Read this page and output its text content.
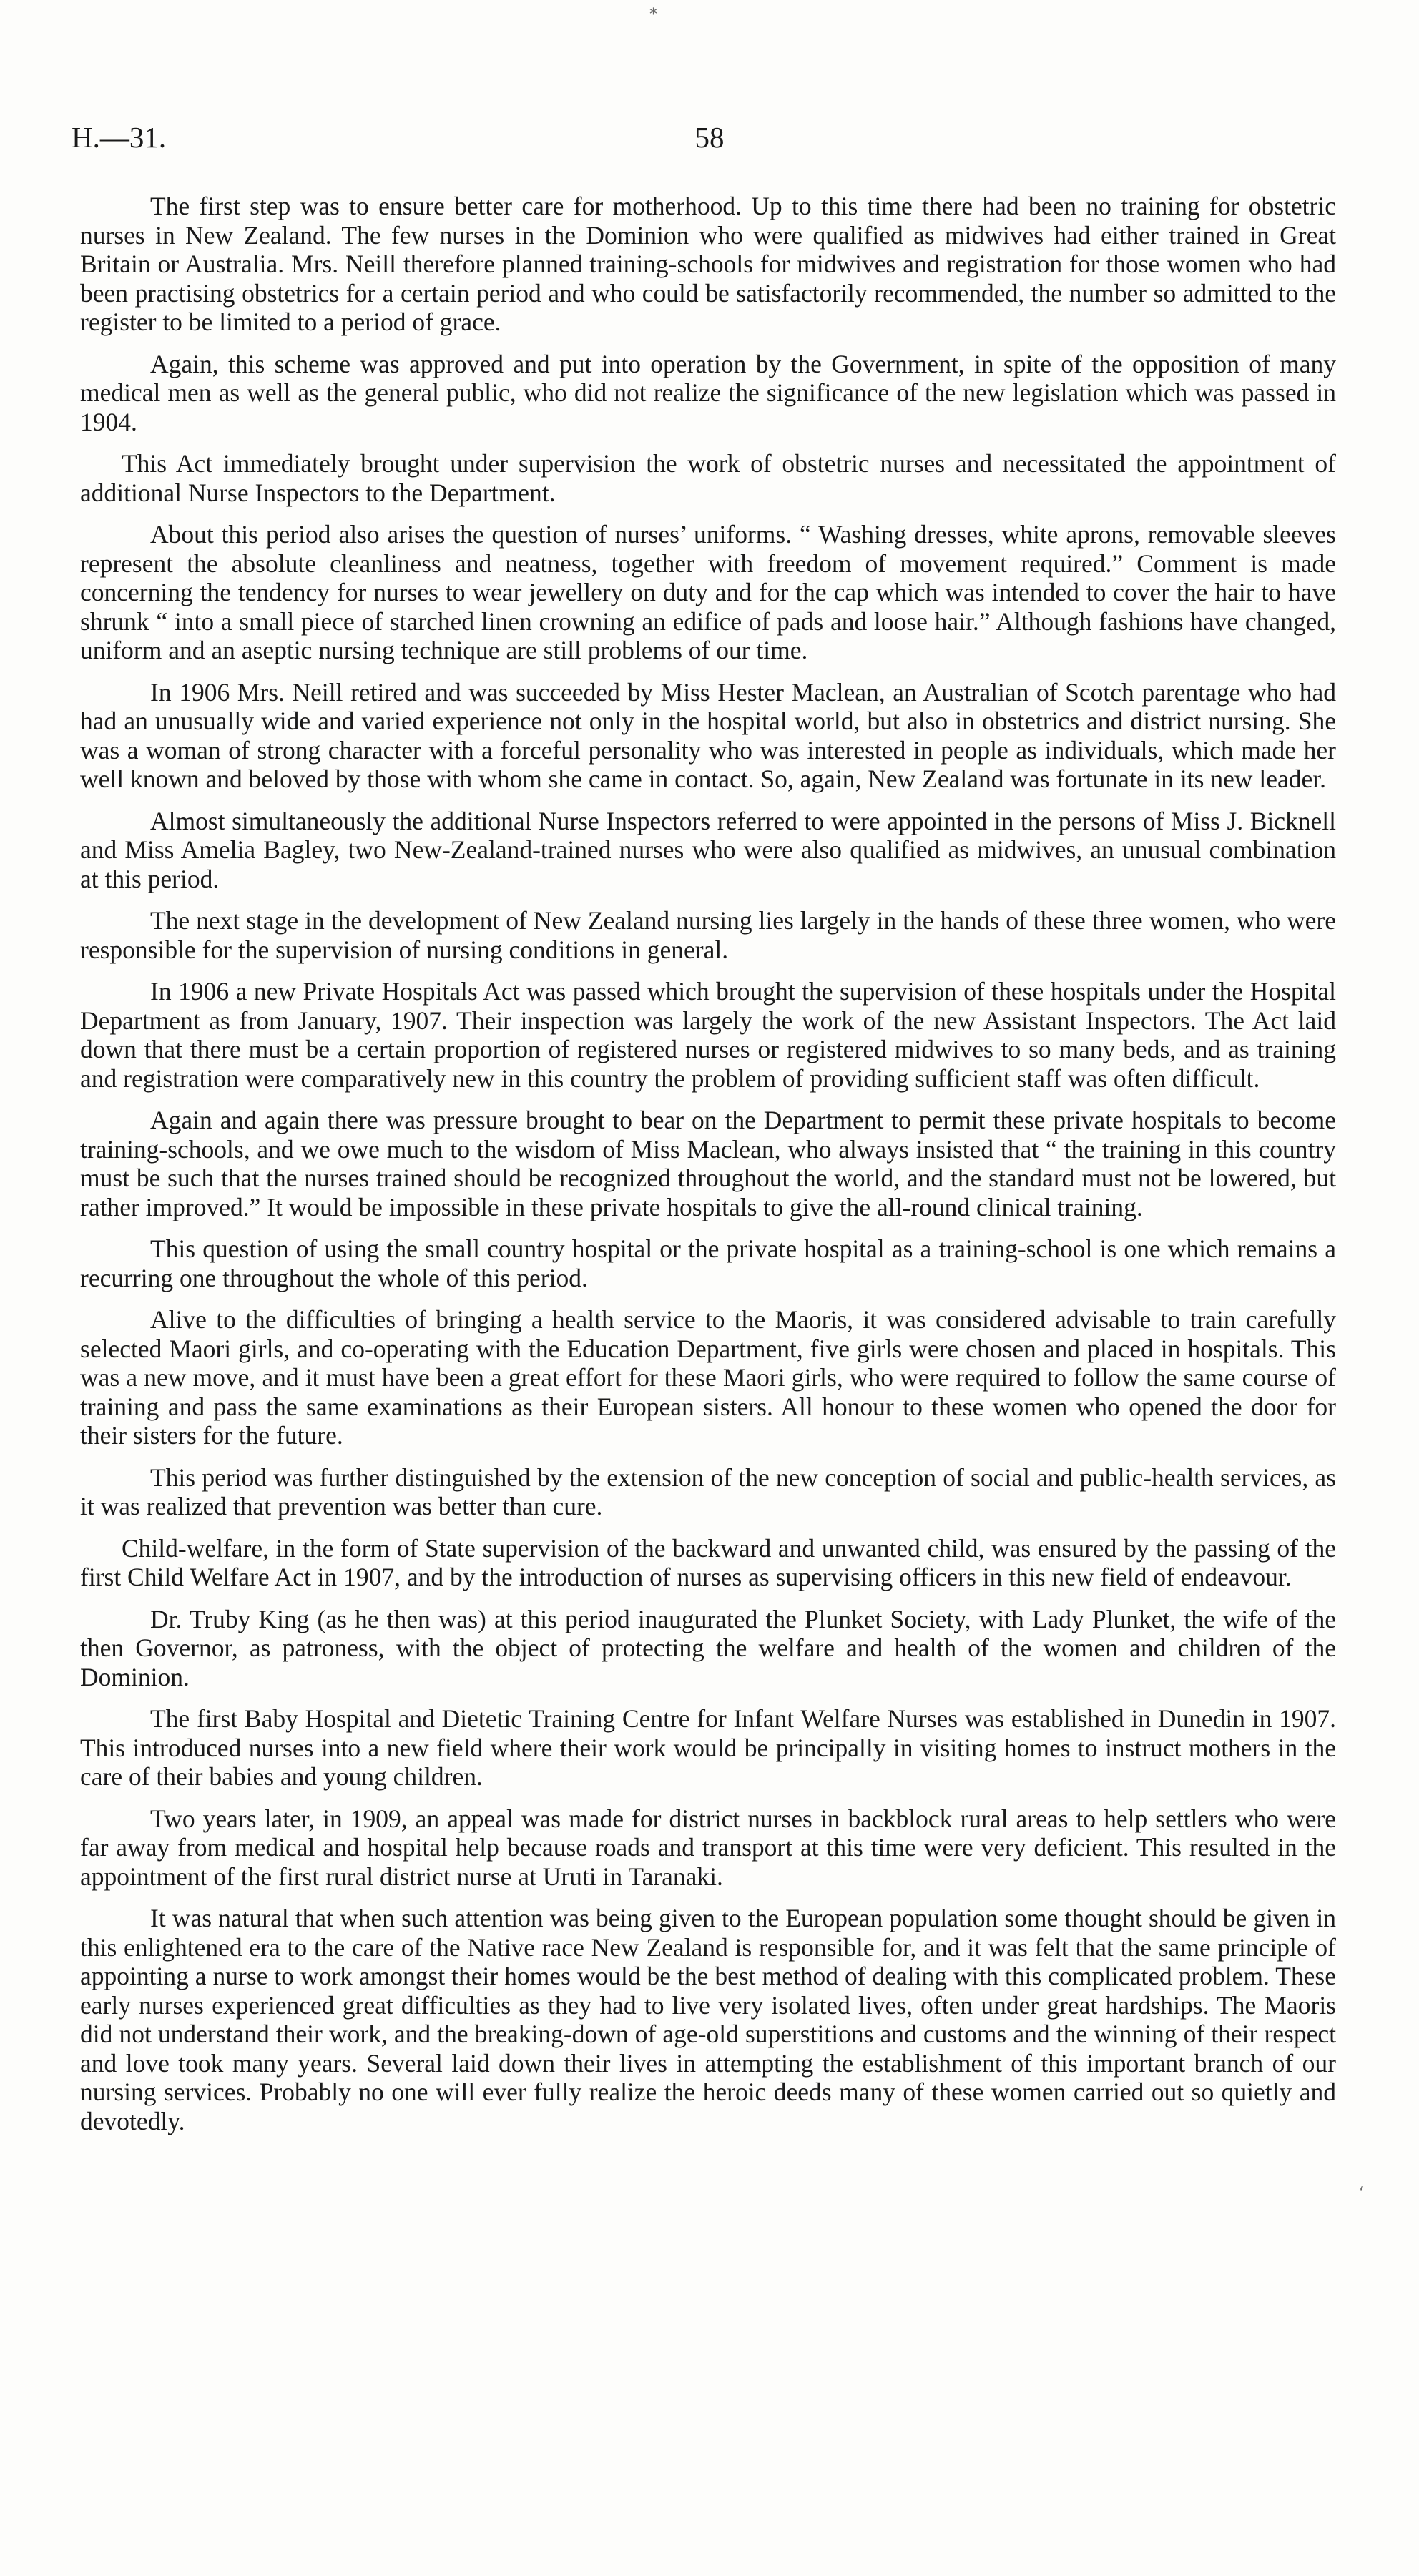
*
H.—31.	58

The first step was to ensure better care for motherhood. Up to this time there had been no training for obstetric nurses in New Zealand. The few nurses in the Dominion who were qualified as midwives had either trained in Great Britain or Australia. Mrs. Neill therefore planned training-schools for midwives and registration for those women who had been practising obstetrics for a certain period and who could be satisfactorily recommended, the number so admitted to the register to be limited to a period of grace.

Again, this scheme was approved and put into operation by the Government, in spite of the opposition of many medical men as well as the general public, who did not realize the significance of the new legislation which was passed in 1904.

This Act immediately brought under supervision the work of obstetric nurses and necessitated the appointment of additional Nurse Inspectors to the Department.

About this period also arises the question of nurses’ uniforms. “ Washing dresses, white aprons, removable sleeves represent the absolute cleanliness and neatness, together with freedom of movement required.” Comment is made concerning the tendency for nurses to wear jewellery on duty and for the cap which was intended to cover the hair to have shrunk “ into a small piece of starched linen crowning an edifice of pads and loose hair.” Although fashions have changed, uniform and an aseptic nursing technique are still problems of our time.

In 1906 Mrs. Neill retired and was succeeded by Miss Hester Maclean, an Australian of Scotch parentage who had had an unusually wide and varied experience not only in the hospital world, but also in obstetrics and district nursing. She was a woman of strong character with a forceful personality who was interested in people as individuals, which made her well known and beloved by those with whom she came in contact. So, again, New Zealand was fortunate in its new leader.

Almost simultaneously the additional Nurse Inspectors referred to were appointed in the persons of Miss J. Bicknell and Miss Amelia Bagley, two New-Zealand-trained nurses who were also qualified as midwives, an unusual combination at this period.

The next stage in the development of New Zealand nursing lies largely in the hands of these three women, who were responsible for the supervision of nursing conditions in general.

In 1906 a new Private Hospitals Act was passed which brought the supervision of these hospitals under the Hospital Department as from January, 1907. Their inspection was largely the work of the new Assistant Inspectors. The Act laid down that there must be a certain proportion of registered nurses or registered midwives to so many beds, and as training and registration were comparatively new in this country the problem of providing sufficient staff was often difficult.

Again and again there was pressure brought to bear on the Department to permit these private hospitals to become training-schools, and we owe much to the wisdom of Miss Maclean, who always insisted that “ the training in this country must be such that the nurses trained should be recognized throughout the world, and the standard must not be lowered, but rather improved.” It would be impossible in these private hospitals to give the all-round clinical training.

This question of using the small country hospital or the private hospital as a training-school is one which remains a recurring one throughout the whole of this period.

Alive to the difficulties of bringing a health service to the Maoris, it was considered advisable to train carefully selected Maori girls, and co-operating with the Education Department, five girls were chosen and placed in hospitals. This was a new move, and it must have been a great effort for these Maori girls, who were required to follow the same course of training and pass the same examinations as their European sisters. All honour to these women who opened the door for their sisters for the future.

This period was further distinguished by the extension of the new conception of social and public-health services, as it was realized that prevention was better than cure.

Child-welfare, in the form of State supervision of the backward and unwanted child, was ensured by the passing of the first Child Welfare Act in 1907, and by the introduction of nurses as supervising officers in this new field of endeavour.

Dr. Truby King (as he then was) at this period inaugurated the Plunket Society, with Lady Plunket, the wife of the then Governor, as patroness, with the object of protecting the welfare and health of the women and children of the Dominion.

The first Baby Hospital and Dietetic Training Centre for Infant Welfare Nurses was established in Dunedin in 1907. This introduced nurses into a new field where their work would be principally in visiting homes to instruct mothers in the care of their babies and young children.

Two years later, in 1909, an appeal was made for district nurses in backblock rural areas to help settlers who were far away from medical and hospital help because roads and transport at this time were very deficient. This resulted in the appointment of the first rural district nurse at Uruti in Taranaki.

It was natural that when such attention was being given to the European population some thought should be given in this enlightened era to the care of the Native race New Zealand is responsible for, and it was felt that the same principle of appointing a nurse to work amongst their homes would be the best method of dealing with this complicated problem. These early nurses experienced great difficulties as they had to live very isolated lives, often under great hardships. The Maoris did not understand their work, and the breaking-down of age-old superstitions and customs and the winning of their respect and love took many years. Several laid down their lives in attempting the establishment of this important branch of our nursing services. Probably no one will ever fully realize the heroic deeds many of these women carried out so quietly and devotedly.

ʻ
